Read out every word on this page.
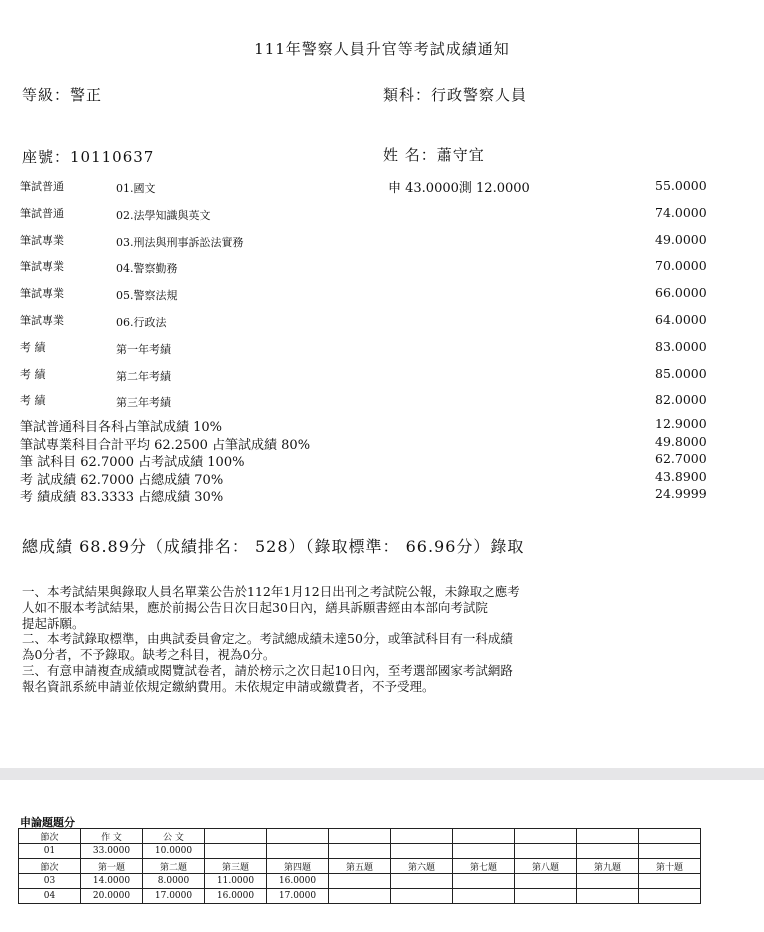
111年警察人員升官等考試成績通知
等級：警正	類科：行政警察人員
座號：10110637	姓 名：蕭守宜
申 43.0000測 12.0000
筆試普通	01.國文	55.0000
筆試普通	02.法學知識與英文	74.0000
筆試專業	03.刑法與刑事訴訟法實務	49.0000
筆試專業	04.警察勤務	70.0000
筆試專業	05.警察法規	66.0000
筆試專業	06.行政法	64.0000
考 績	第一年考績	83.0000
考 績	第二年考績	85.0000
考 績	第三年考績	82.0000
筆試普通科目各科占筆試成績 10%	12.9000
筆試專業科目合計平均 62.2500 占筆試成績 80%	49.8000
筆 試科目 62.7000 占考試成績 100%	62.7000
考 試成績 62.7000 占總成績 70%	43.8900
考 績成績 83.3333 占總成績 30%	24.9999
總成績 68.89分（成績排名： 528）（錄取標準： 66.96分）錄取
一、本考試結果與錄取人員名單業公告於112年1月12日出刊之考試院公報，未錄取之應考
人如不服本考試結果，應於前揭公告日次日起30日內，繕具訴願書經由本部向考試院
提起訴願。
二、本考試錄取標準，由典試委員會定之。考試總成績未達50分，或筆試科目有一科成績
為0分者，不予錄取。缺考之科目，視為0分。
三、有意申請複查成績或閱覽試卷者，請於榜示之次日起10日內，至考選部國家考試網路
報名資訊系統申請並依規定繳納費用。未依規定申請或繳費者，不予受理。
申論題題分
節次	作 文	公 文								
01	33.0000	10.0000								
節次	第一題	第二題	第三題	第四題	第五題	第六題	第七題	第八題	第九題	第十題
03	14.0000	8.0000	11.0000	16.0000						
04	20.0000	17.0000	16.0000	17.0000						
